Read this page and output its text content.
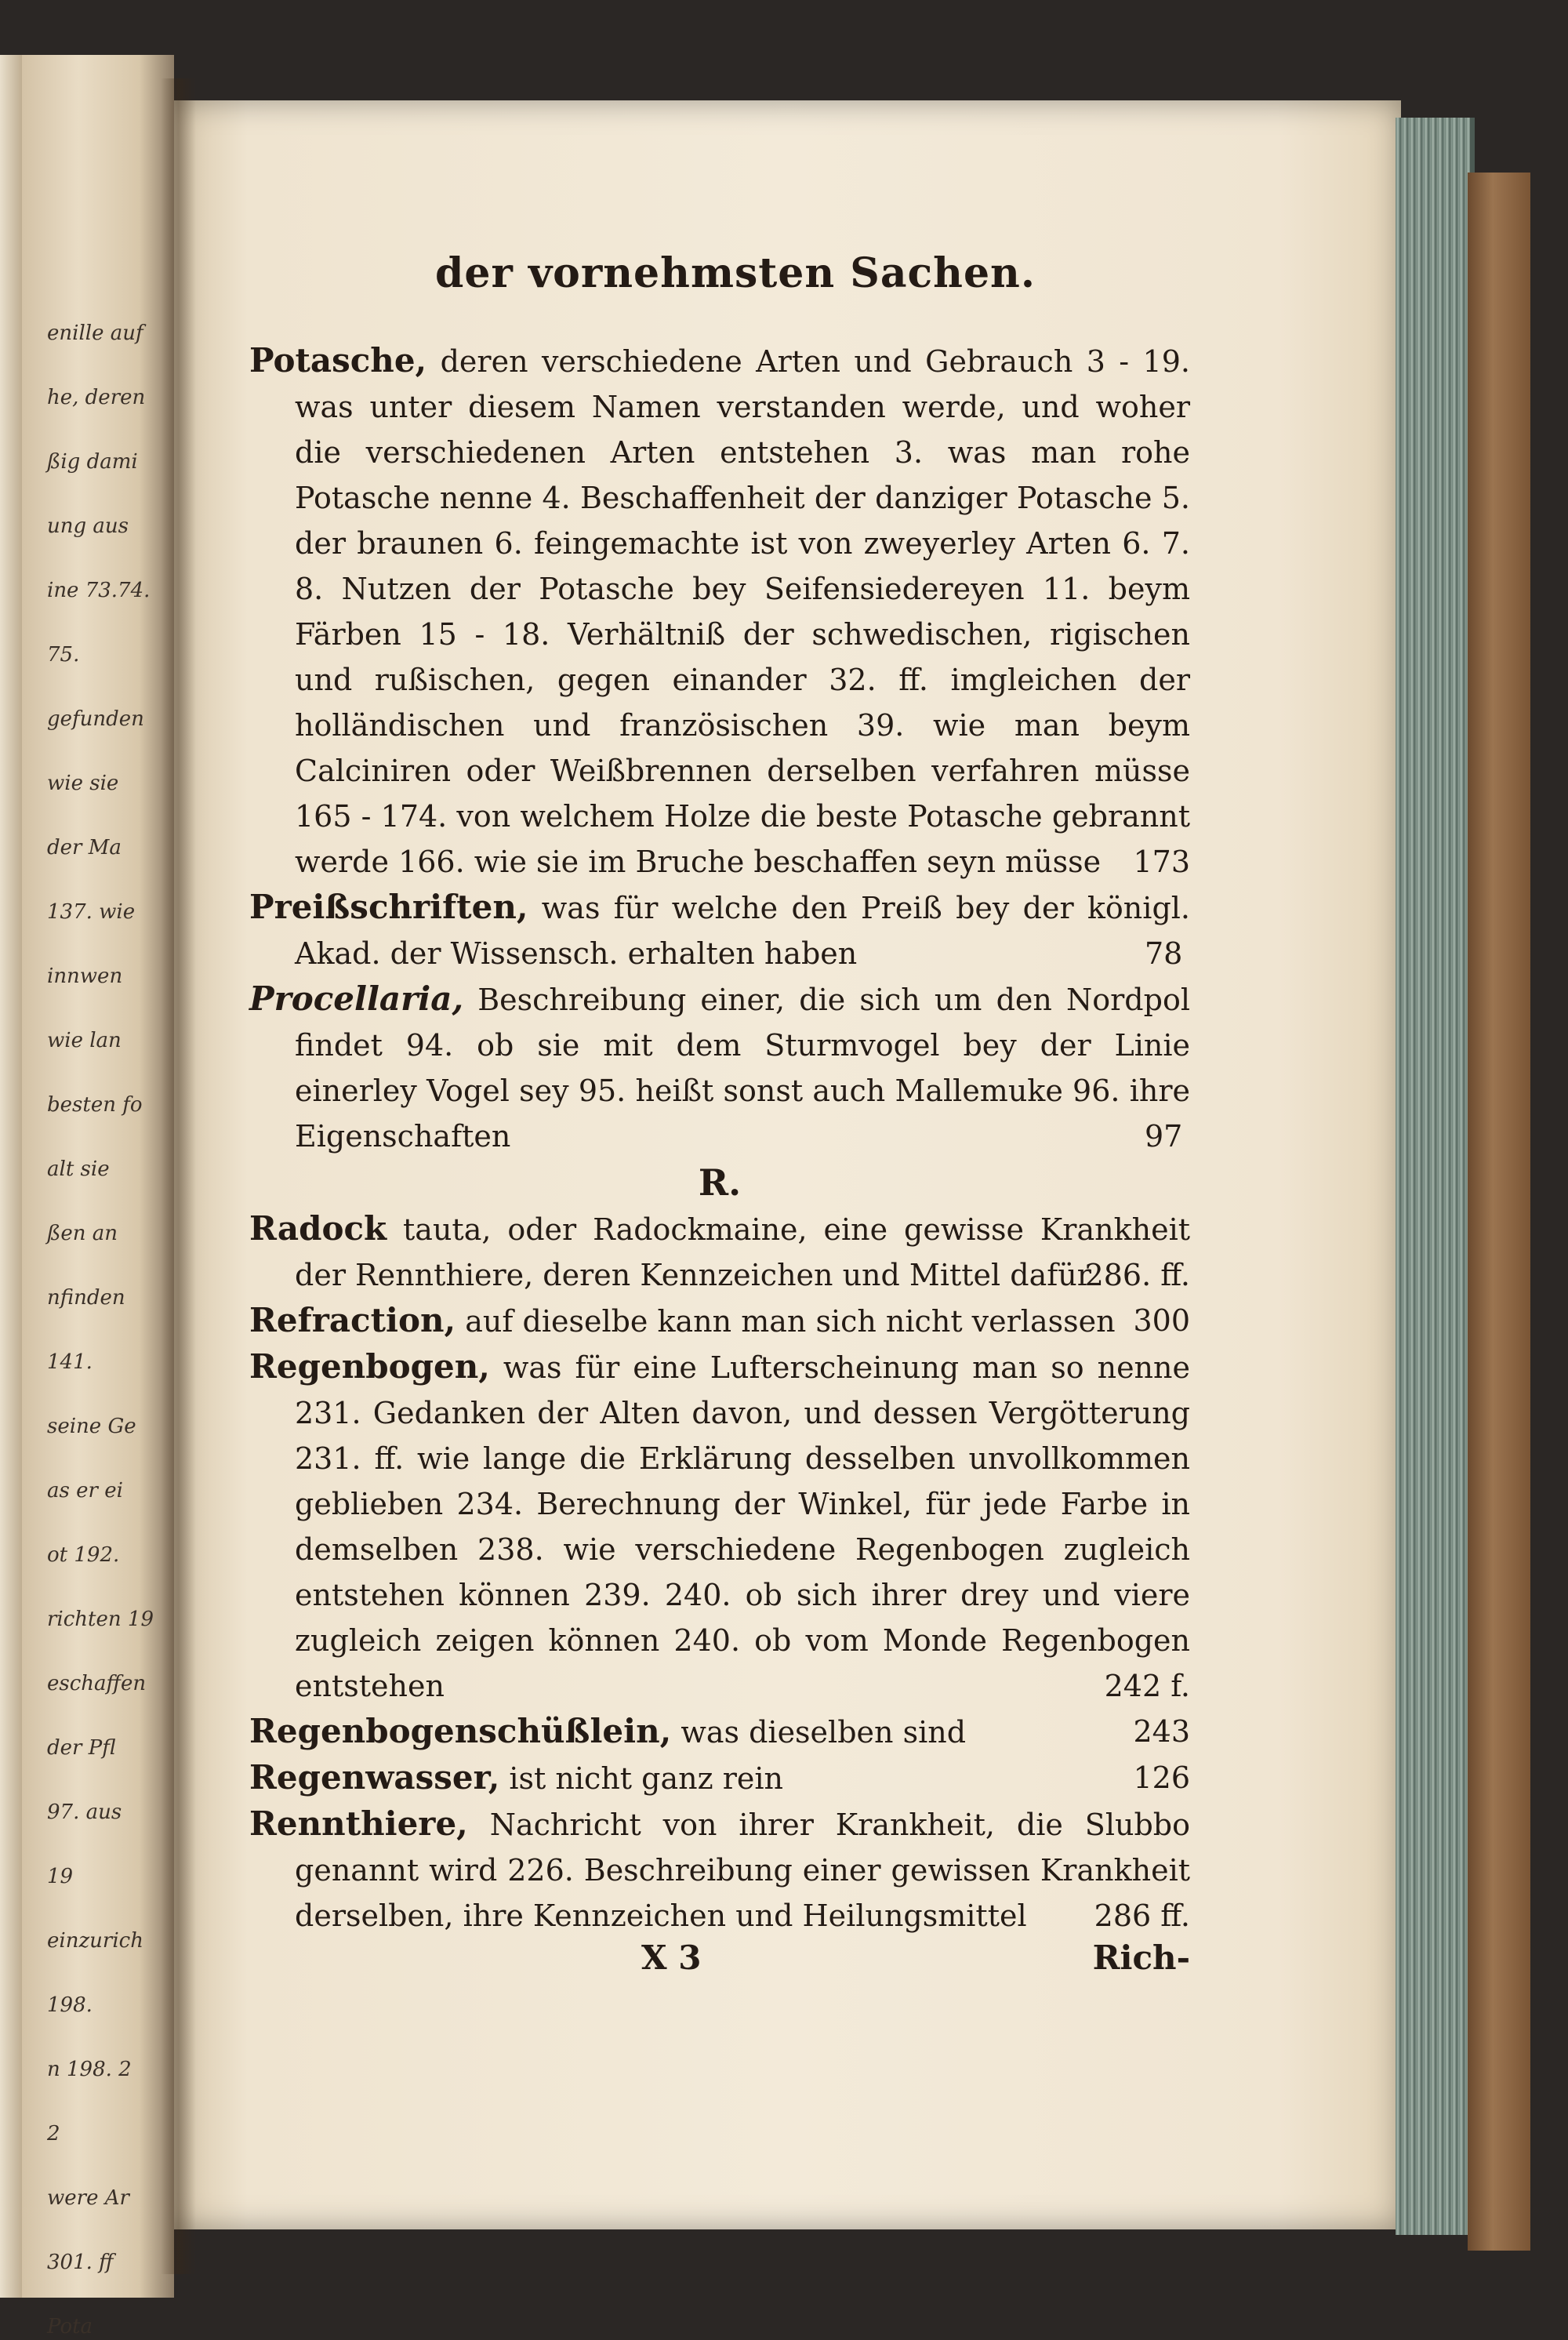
enille auf
he, deren
ßig dami
ung aus
ine 73.74.
75.
gefunden
wie sie
der Ma
137. wie
innwen
wie lan
besten fo
alt sie
ßen an
nfinden
141.
seine Ge
as er ei
ot 192.
richten 19
eschaffen
der Pfl
97. aus
19
einzurich
198.
n 198. 2
2
were Ar
301. ff
Pota
der vornehmsten Sachen.

Potasche, deren verschiedene Arten und Gebrauch 3 - 19. was unter diesem Namen verstanden werde, und woher die verschiedenen Arten entstehen 3. was man rohe Potasche nenne 4. Beschaffenheit der danziger Potasche 5. der braunen 6. feingemachte ist von zweyerley Arten 6. 7. 8. Nutzen der Potasche bey Seifensiedereyen 11. beym Färben 15 - 18. Verhältniß der schwedischen, rigischen und rußischen, gegen einander 32. ff. imgleichen der holländischen und französischen 39. wie man beym Calciniren oder Weißbrennen derselben verfahren müsse 165 - 174. von welchem Holze die beste Potasche gebrannt werde 166. wie sie im Bruche beschaffen seyn müsse 173

Preißschriften, was für welche den Preiß bey der königl. Akad. der Wissensch. erhalten haben	78

Procellaria, Beschreibung einer, die sich um den Nordpol findet 94. ob sie mit dem Sturmvogel bey der Linie einerley Vogel sey 95. heißt sonst auch Mallemuke 96. ihre Eigenschaften	97

R.

Radock tauta, oder Radockmaine, eine gewisse Krankheit der Rennthiere, deren Kennzeichen und Mittel dafür
286. ff.

Refraction, auf dieselbe kann man sich nicht verlassen 300

Regenbogen, was für eine Lufterscheinung man so nenne 231. Gedanken der Alten davon, und dessen Vergötterung 231. ff. wie lange die Erklärung desselben unvollkommen geblieben 234. Berechnung der Winkel, für jede Farbe in demselben 238. wie verschiedene Regenbogen zugleich entstehen können 239. 240. ob sich ihrer drey und viere zugleich zeigen können 240. ob vom Monde Regenbogen entstehen	242 f.

Regenbogenschüßlein, was dieselben sind	243

Regenwasser, ist nicht ganz rein	126

Rennthiere, Nachricht von ihrer Krankheit, die Slubbo genannt wird 226. Beschreibung einer gewissen Krankheit derselben, ihre Kennzeichen und Heilungsmittel 286 ff.

X 3	Rich-
